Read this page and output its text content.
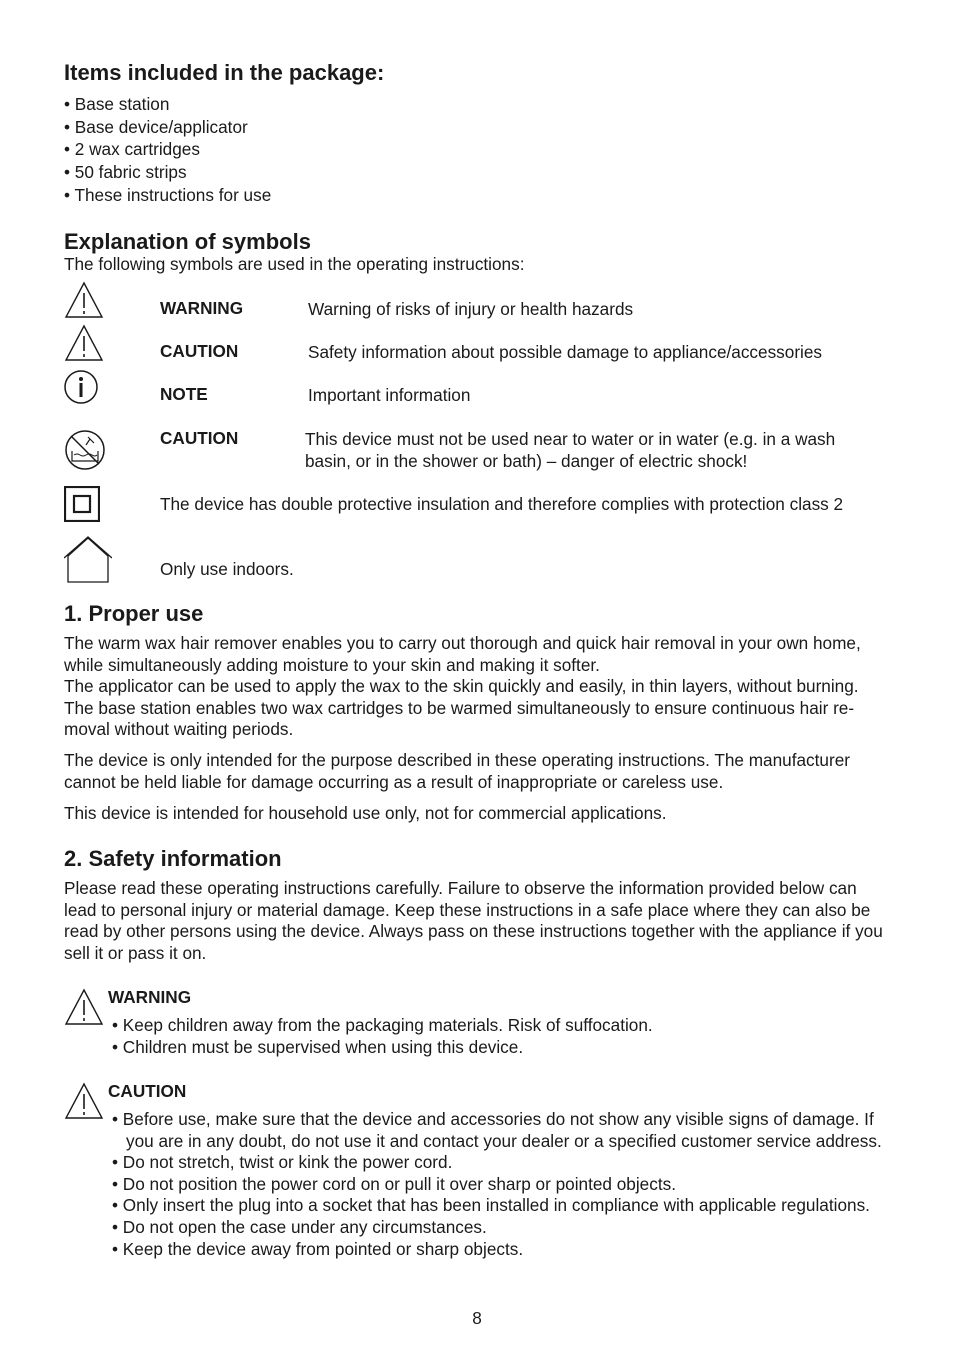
Items included in the package:
• Base station
• Base device/applicator
• 2 wax cartridges
• 50 fabric strips
• These instructions for use
Explanation of symbols
The following symbols are used in the operating instructions:
WARNING	Warning of risks of injury or health hazards
CAUTION	Safety information about possible damage to appliance/accessories
NOTE	Important information
CAUTION	This device must not be used near to water or in water (e.g. in a wash basin, or in the shower or bath) – danger of electric shock!
The device has double protective insulation and therefore complies with protection class 2
Only use indoors.
1. Proper use

The warm wax hair remover enables you to carry out thorough and quick hair removal in your own home, while simultaneously adding moisture to your skin and making it softer.

The applicator can be used to apply the wax to the skin quickly and easily, in thin layers, without burning. The base station enables two wax cartridges to be warmed simultaneously to ensure continuous hair re-moval without waiting periods.

The device is only intended for the purpose described in these operating instructions. The manufacturer cannot be held liable for damage occurring as a result of inappropriate or careless use.

This device is intended for household use only, not for commercial applications.

2. Safety information

Please read these operating instructions carefully. Failure to observe the information provided below can lead to personal injury or material damage. Keep these instructions in a safe place where they can also be read by other persons using the device. Always pass on these instructions together with the appliance if you sell it or pass it on.

WARNING
• Keep children away from the packaging materials. Risk of suffocation.
• Children must be supervised when using this device.
CAUTION
• Before use, make sure that the device and accessories do not show any visible signs of damage. If you are in any doubt, do not use it and contact your dealer or a specified customer service address.
• Do not stretch, twist or kink the power cord.
• Do not position the power cord on or pull it over sharp or pointed objects.
• Only insert the plug into a socket that has been installed in compliance with applicable regulations.
• Do not open the case under any circumstances.
• Keep the device away from pointed or sharp objects.
8
